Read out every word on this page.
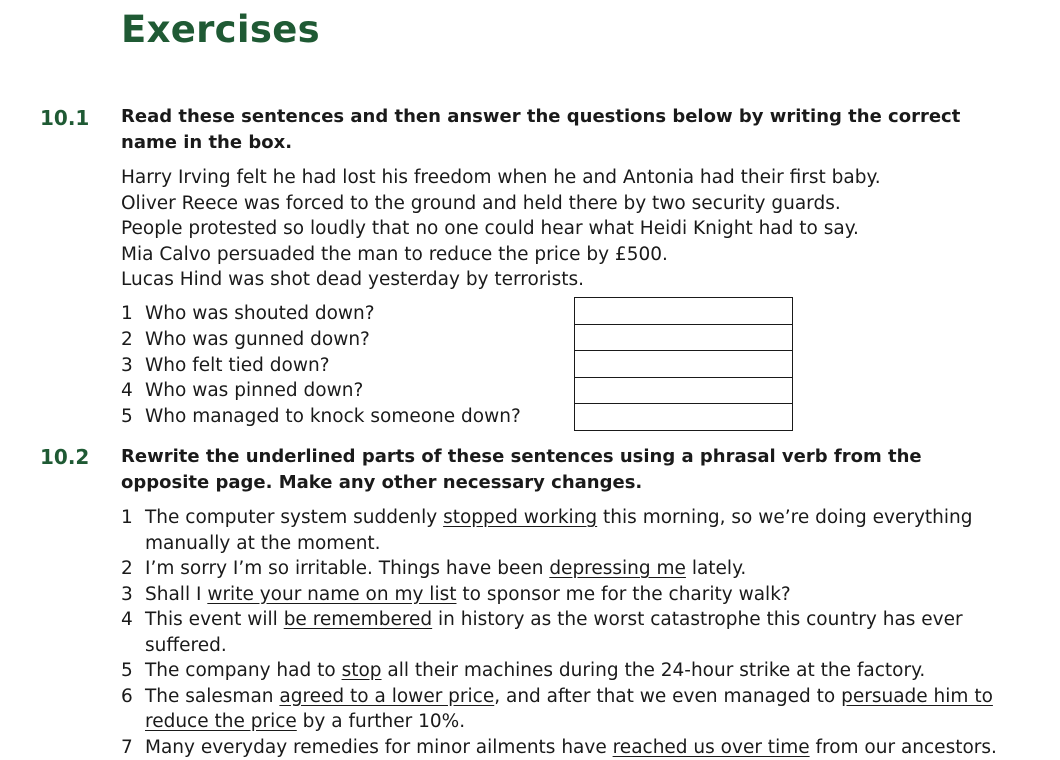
Exercises
10.1 Read these sentences and then answer the questions below by writing the correct name in the box.
Harry Irving felt he had lost his freedom when he and Antonia had their first baby.
Oliver Reece was forced to the ground and held there by two security guards.
People protested so loudly that no one could hear what Heidi Knight had to say.
Mia Calvo persuaded the man to reduce the price by £500.
Lucas Hind was shot dead yesterday by terrorists.
1 Who was shouted down?
2 Who was gunned down?
3 Who felt tied down?
4 Who was pinned down?
5 Who managed to knock someone down?
10.2 Rewrite the underlined parts of these sentences using a phrasal verb from the opposite page. Make any other necessary changes.
1 The computer system suddenly stopped working this morning, so we’re doing everything manually at the moment.
2 I’m sorry I’m so irritable. Things have been depressing me lately.
3 Shall I write your name on my list to sponsor me for the charity walk?
4 This event will be remembered in history as the worst catastrophe this country has ever suffered.
5 The company had to stop all their machines during the 24-hour strike at the factory.
6 The salesman agreed to a lower price, and after that we even managed to persuade him to reduce the price by a further 10%.
7 Many everyday remedies for minor ailments have reached us over time from our ancestors.
